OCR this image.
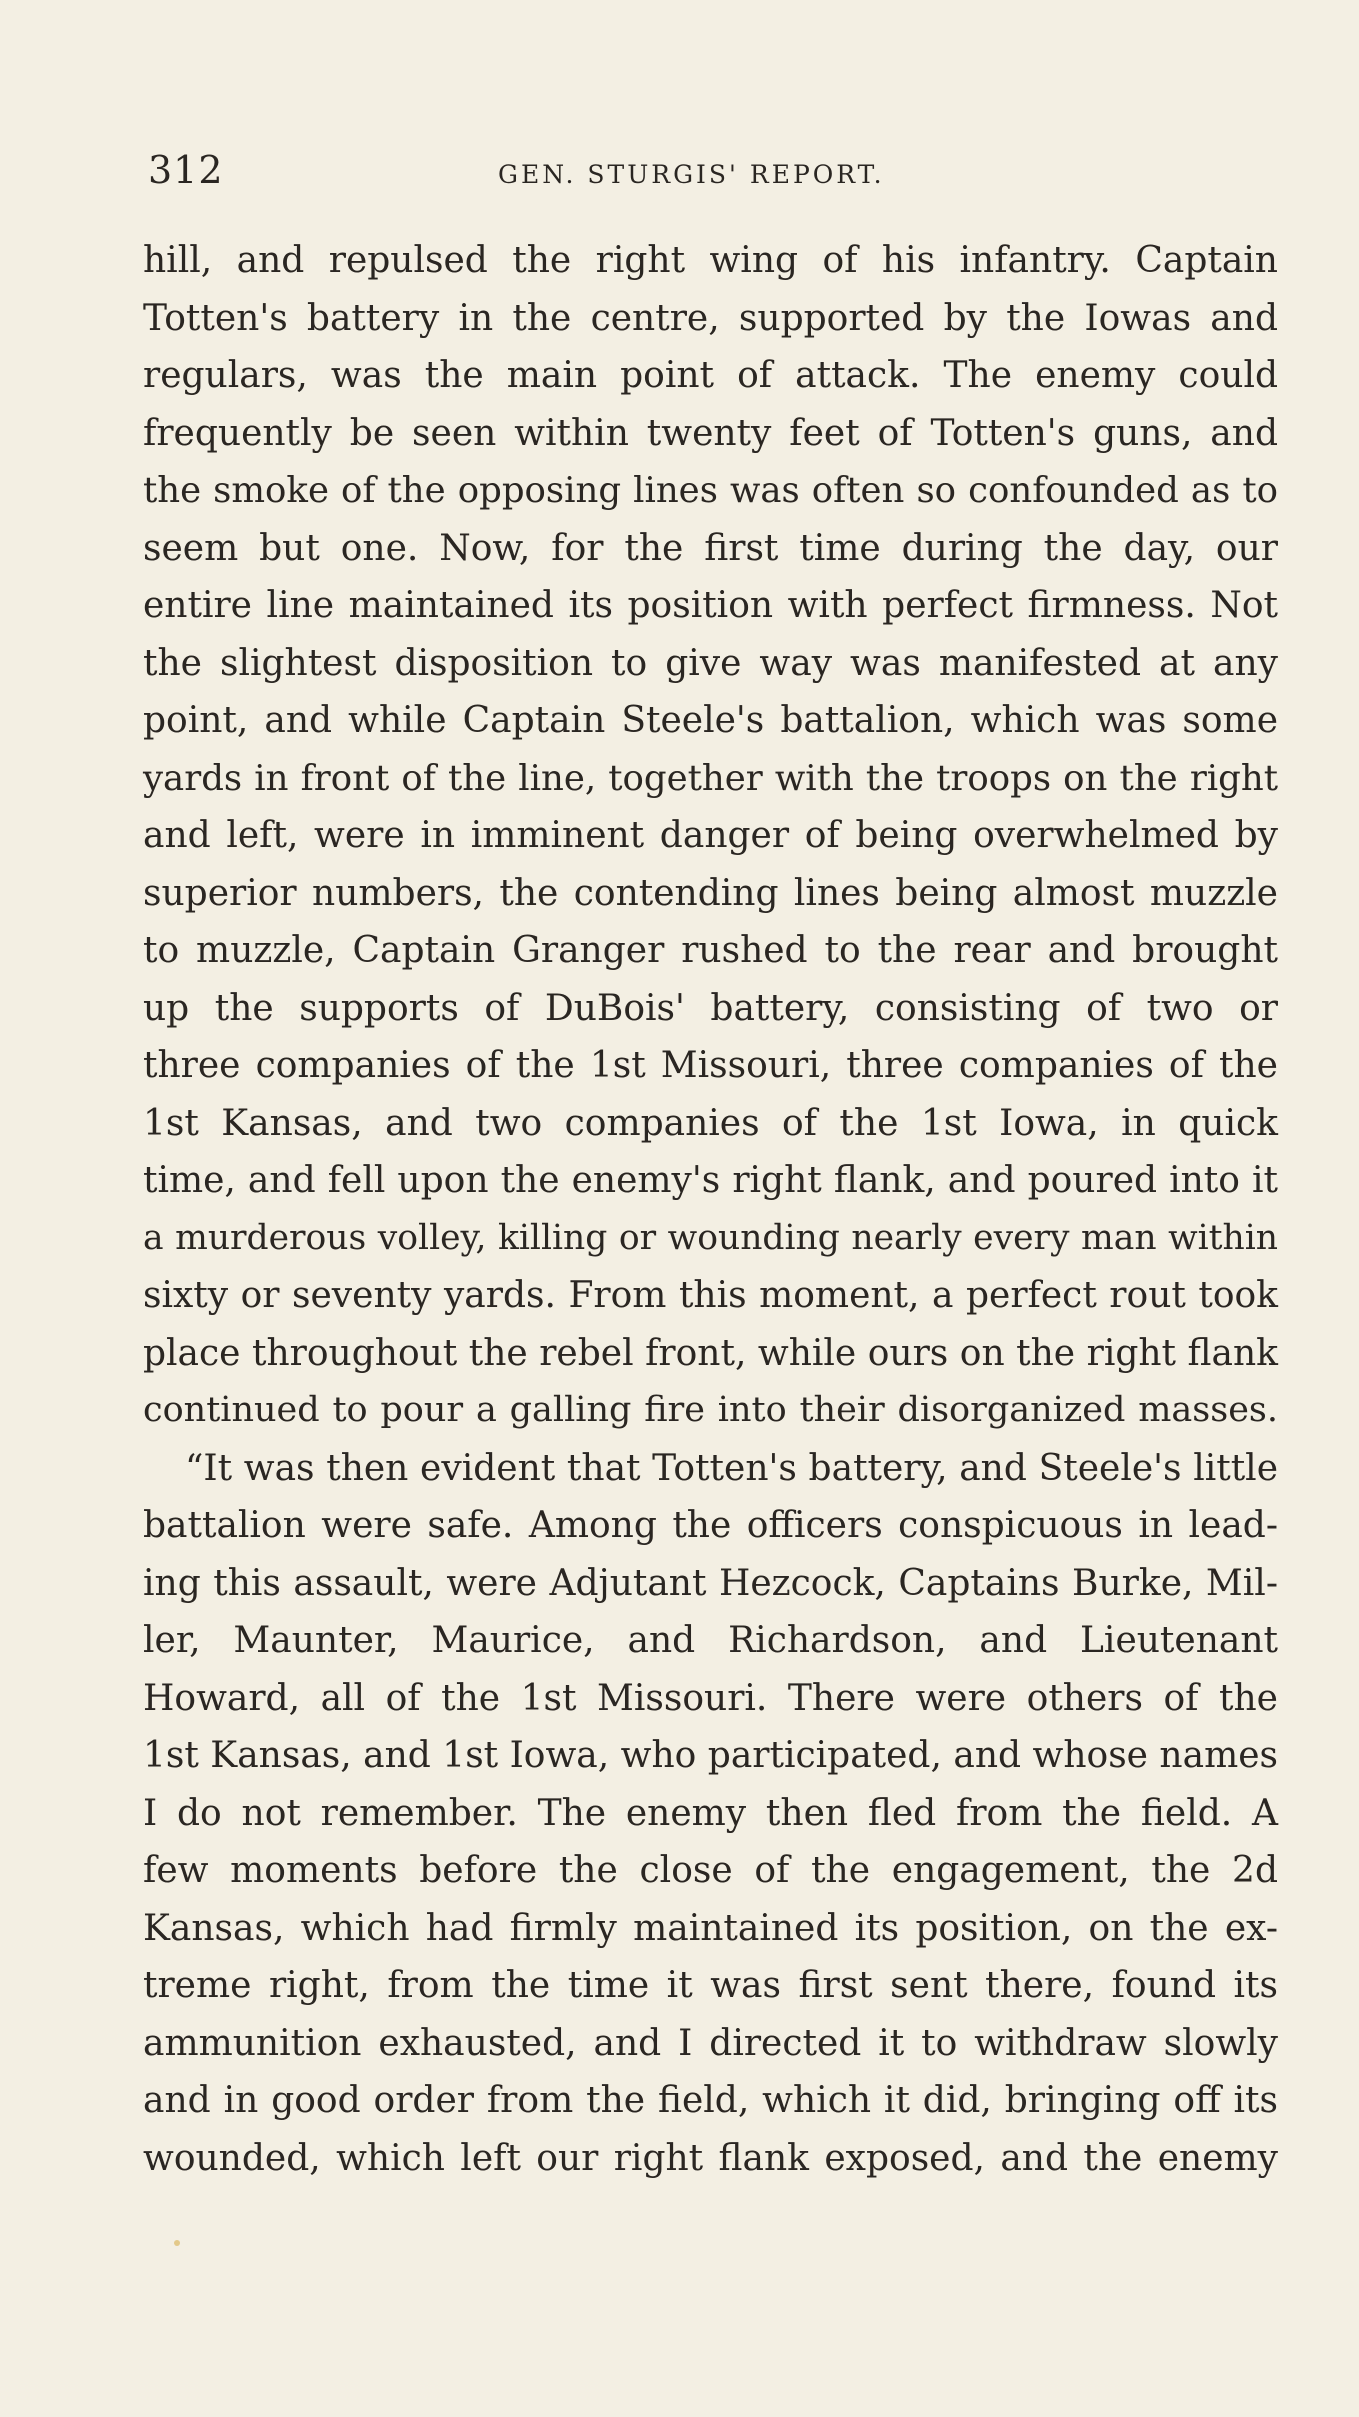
312	GEN. STURGIS' REPORT.
hill, and repulsed the right wing of his infantry. Captain
Totten's battery in the centre, supported by the Iowas and
regulars, was the main point of attack. The enemy could
frequently be seen within twenty feet of Totten's guns, and
the smoke of the opposing lines was often so confounded as to
seem but one. Now, for the first time during the day, our
entire line maintained its position with perfect firmness. Not
the slightest disposition to give way was manifested at any
point, and while Captain Steele's battalion, which was some
yards in front of the line, together with the troops on the right
and left, were in imminent danger of being overwhelmed by
superior numbers, the contending lines being almost muzzle
to muzzle, Captain Granger rushed to the rear and brought
up the supports of DuBois' battery, consisting of two or
three companies of the 1st Missouri, three companies of the
1st Kansas, and two companies of the 1st Iowa, in quick
time, and fell upon the enemy's right flank, and poured into it
a murderous volley, killing or wounding nearly every man within
sixty or seventy yards. From this moment, a perfect rout took
place throughout the rebel front, while ours on the right flank
continued to pour a galling fire into their disorganized masses.
“It was then evident that Totten's battery, and Steele's little
battalion were safe. Among the officers conspicuous in lead-
ing this assault, were Adjutant Hezcock, Captains Burke, Mil-
ler, Maunter, Maurice, and Richardson, and Lieutenant
Howard, all of the 1st Missouri. There were others of the
1st Kansas, and 1st Iowa, who participated, and whose names
I do not remember. The enemy then fled from the field. A
few moments before the close of the engagement, the 2d
Kansas, which had firmly maintained its position, on the ex-
treme right, from the time it was first sent there, found its
ammunition exhausted, and I directed it to withdraw slowly
and in good order from the field, which it did, bringing off its
wounded, which left our right flank exposed, and the enemy
